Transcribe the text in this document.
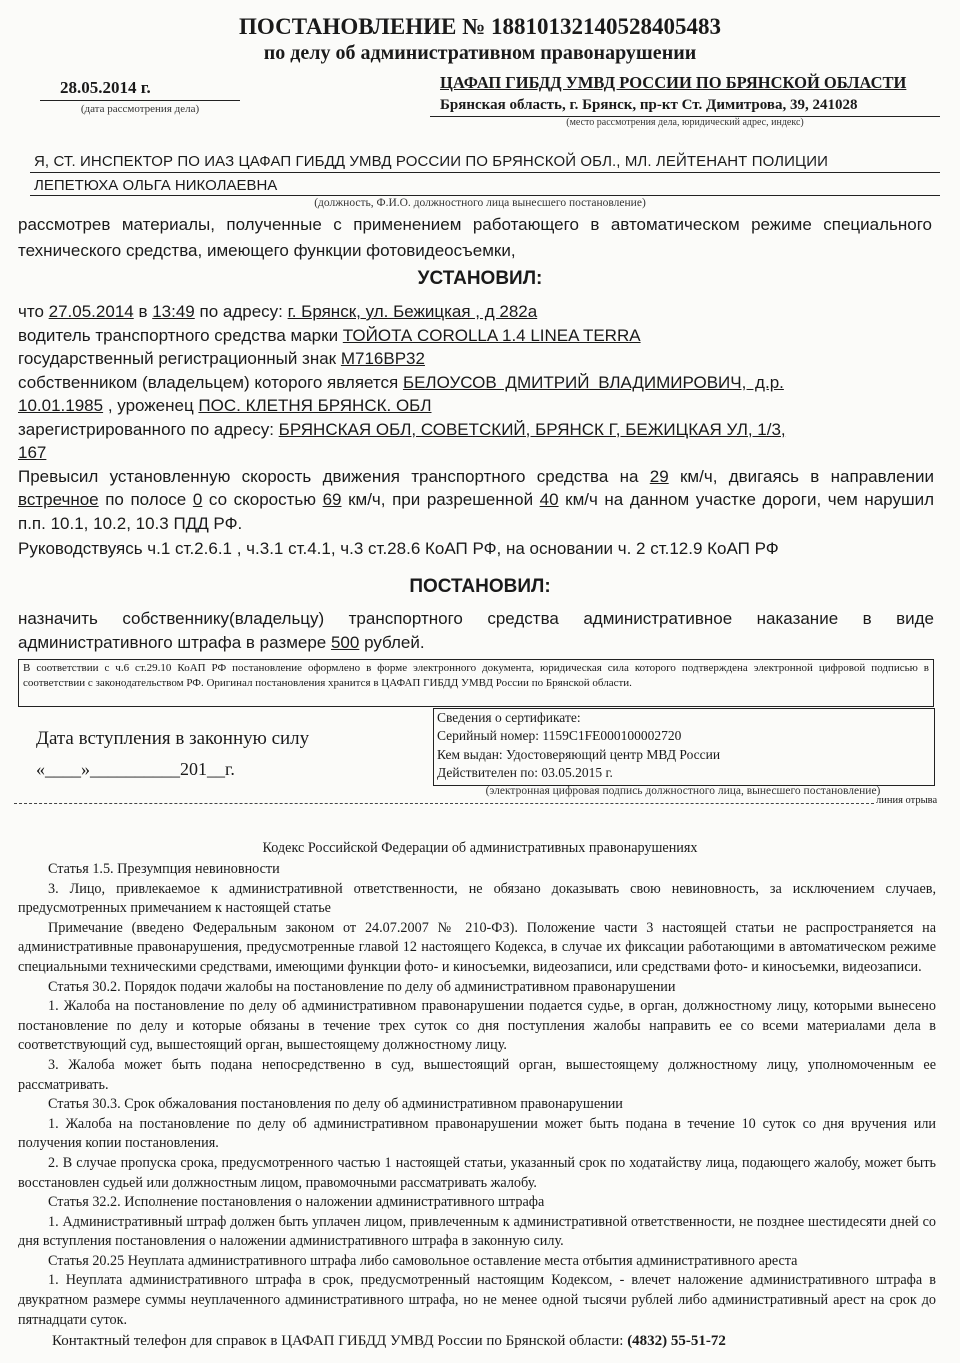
ПОСТАНОВЛЕНИЕ № 18810132140528405483
по делу об административном правонарушении
28.05.2014 г.
(дата рассмотрения дела)
ЦАФАП ГИБДД УМВД РОССИИ ПО БРЯНСКОЙ ОБЛАСТИ
Брянская область, г. Брянск, пр-кт Ст. Димитрова, 39, 241028
(место рассмотрения дела, юридический адрес, индекс)
Я, СТ. ИНСПЕКТОР ПО ИАЗ ЦАФАП ГИБДД УМВД РОССИИ ПО БРЯНСКОЙ ОБЛ., МЛ. ЛЕЙТЕНАНТ ПОЛИЦИИ
ЛЕПЕТЮХА ОЛЬГА НИКОЛАЕВНА
(должность, Ф.И.О. должностного лица вынесшего постановление)

рассмотрев материалы, полученные с применением работающего в автоматическом режиме специального технического средства, имеющего функции фотовидеосъемки,

УСТАНОВИЛ:
что 27.05.2014 в 13:49 по адресу: г. Брянск, ул. Бежицкая , д 282а
водитель транспортного средства марки ТОЙОТА COROLLA 1.4 LINEA TERRA
государственный регистрационный знак М716ВР32
собственником (владельцем) которого является БЕЛОУСОВ ДМИТРИЙ ВЛАДИМИРОВИЧ, д.р.
10.01.1985 , уроженец ПОС. КЛЕТНЯ БРЯНСК. ОБЛ
зарегистрированного по адресу: БРЯНСКАЯ ОБЛ, СОВЕТСКИЙ, БРЯНСК Г, БЕЖИЦКАЯ УЛ, 1/3,
167
Превысил установленную скорость движения транспортного средства на 29 км/ч, двигаясь в направлении встречное по полосе 0 со скоростью 69 км/ч, при разрешенной 40 км/ч на данном участке дороги, чем нарушил п.п. 10.1, 10.2, 10.3 ПДД РФ.
Руководствуясь ч.1 ст.2.6.1 , ч.3.1 ст.4.1, ч.3 ст.28.6 КоАП РФ, на основании ч. 2 ст.12.9 КоАП РФ
ПОСТАНОВИЛ:
назначить собственнику(владельцу) транспортного средства административное наказание в виде административного штрафа в размере 500 рублей.
В соответствии с ч.6 ст.29.10 КоАП РФ постановление оформлено в форме электронного документа, юридическая сила которого подтверждена электронной цифровой подписью в соответствии с законодательством РФ. Оригинал постановления хранится в ЦАФАП ГИБДД УМВД России по Брянской области.
Дата вступления в законную силу
«____»__________201__г.
Сведения о сертификате:
Серийный номер: 1159C1FE000100002720
Кем выдан: Удостоверяющий центр МВД России
Действителен по: 03.05.2015 г.
(электронная цифровая подпись должностного лица, вынесшего постановление)
линия отрыва
Кодекс Российской Федерации об административных правонарушениях

Статья 1.5. Презумпция невиновности

3. Лицо, привлекаемое к административной ответственности, не обязано доказывать свою невиновность, за исключением случаев, предусмотренных примечанием к настоящей статье

Примечание (введено Федеральным законом от 24.07.2007 № 210-ФЗ). Положение части 3 настоящей статьи не распространяется на административные правонарушения, предусмотренные главой 12 настоящего Кодекса, в случае их фиксации работающими в автоматическом режиме специальными техническими средствами, имеющими функции фото- и киносъемки, видеозаписи, или средствами фото- и киносъемки, видеозаписи.

Статья 30.2. Порядок подачи жалобы на постановление по делу об административном правонарушении

1. Жалоба на постановление по делу об административном правонарушении подается судье, в орган, должностному лицу, которыми вынесено постановление по делу и которые обязаны в течение трех суток со дня поступления жалобы направить ее со всеми материалами дела в соответствующий суд, вышестоящий орган, вышестоящему должностному лицу.

3. Жалоба может быть подана непосредственно в суд, вышестоящий орган, вышестоящему должностному лицу, уполномоченным ее рассматривать.

Статья 30.3. Срок обжалования постановления по делу об административном правонарушении

1. Жалоба на постановление по делу об административном правонарушении может быть подана в течение 10 суток со дня вручения или получения копии постановления.

2. В случае пропуска срока, предусмотренного частью 1 настоящей статьи, указанный срок по ходатайству лица, подающего жалобу, может быть восстановлен судьей или должностным лицом, правомочными рассматривать жалобу.

Статья 32.2. Исполнение постановления о наложении административного штрафа

1. Административный штраф должен быть уплачен лицом, привлеченным к административной ответственности, не позднее шестидесяти дней со дня вступления постановления о наложении административного штрафа в законную силу.

Статья 20.25 Неуплата административного штрафа либо самовольное оставление места отбытия административного ареста

1. Неуплата административного штрафа в срок, предусмотренный настоящим Кодексом, - влечет наложение административного штрафа в двукратном размере суммы неуплаченного административного штрафа, но не менее одной тысячи рублей либо административный арест на срок до пятнадцати суток.

Контактный телефон для справок в ЦАФАП ГИБДД УМВД России по Брянской области: (4832) 55-51-72
